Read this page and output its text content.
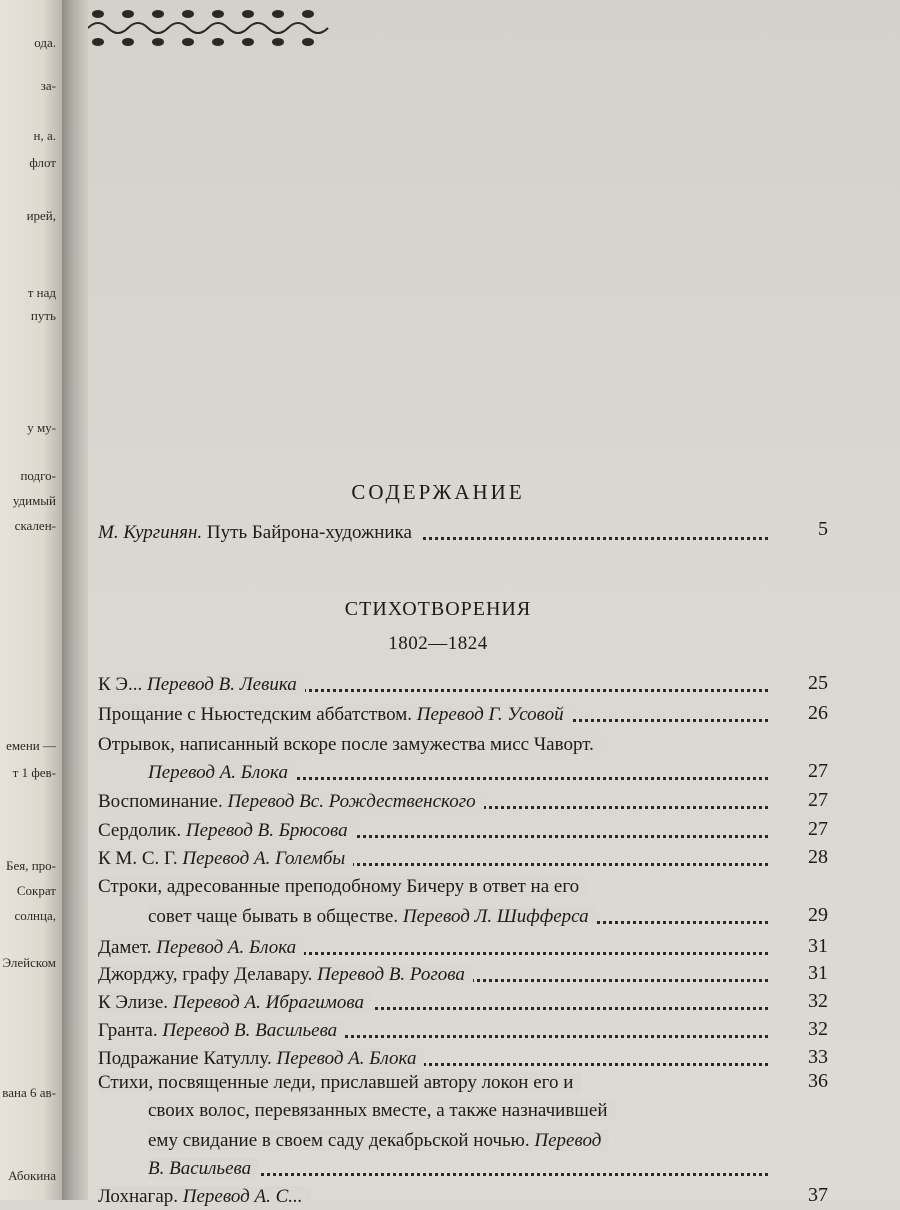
ода.
за-
н, а.
флот
ирей,
т над
путь
у му-
подго-
удимый
скален-
емени —
т 1 фев-
Бея, про-
Сократ
солнца,
Элейском
вана 6 ав-
Абокина
СОДЕРЖАНИЕ
М. Кургинян. Путь Байрона-художника	5
СТИХОТВОРЕНИЯ
1802—1824
К Э... Перевод В. Левика	25
Прощание с Ньюстедским аббатством. Перевод Г. Усовой	26
Отрывок, написанный вскоре после замужества мисс Чаворт.
Перевод А. Блока	27
Воспоминание. Перевод Вс. Рождественского	27
Сердолик. Перевод В. Брюсова	27
К М. С. Г. Перевод А. Голембы	28
Строки, адресованные преподобному Бичеру в ответ на его
совет чаще бывать в обществе. Перевод Л. Шифферса	29
Дамет. Перевод А. Блока	31
Джорджу, графу Делавару. Перевод В. Рогова	31
К Элизе. Перевод А. Ибрагимова	32
Гранта. Перевод В. Васильева	32
Подражание Катуллу. Перевод А. Блока	33
Стихи, посвященные леди, приславшей автору локон его и	36
своих волос, перевязанных вместе, а также назначившей
ему свидание в своем саду декабрьской ночью. Перевод
В. Васильева
Лохнагар. Перевод А. С...	37
